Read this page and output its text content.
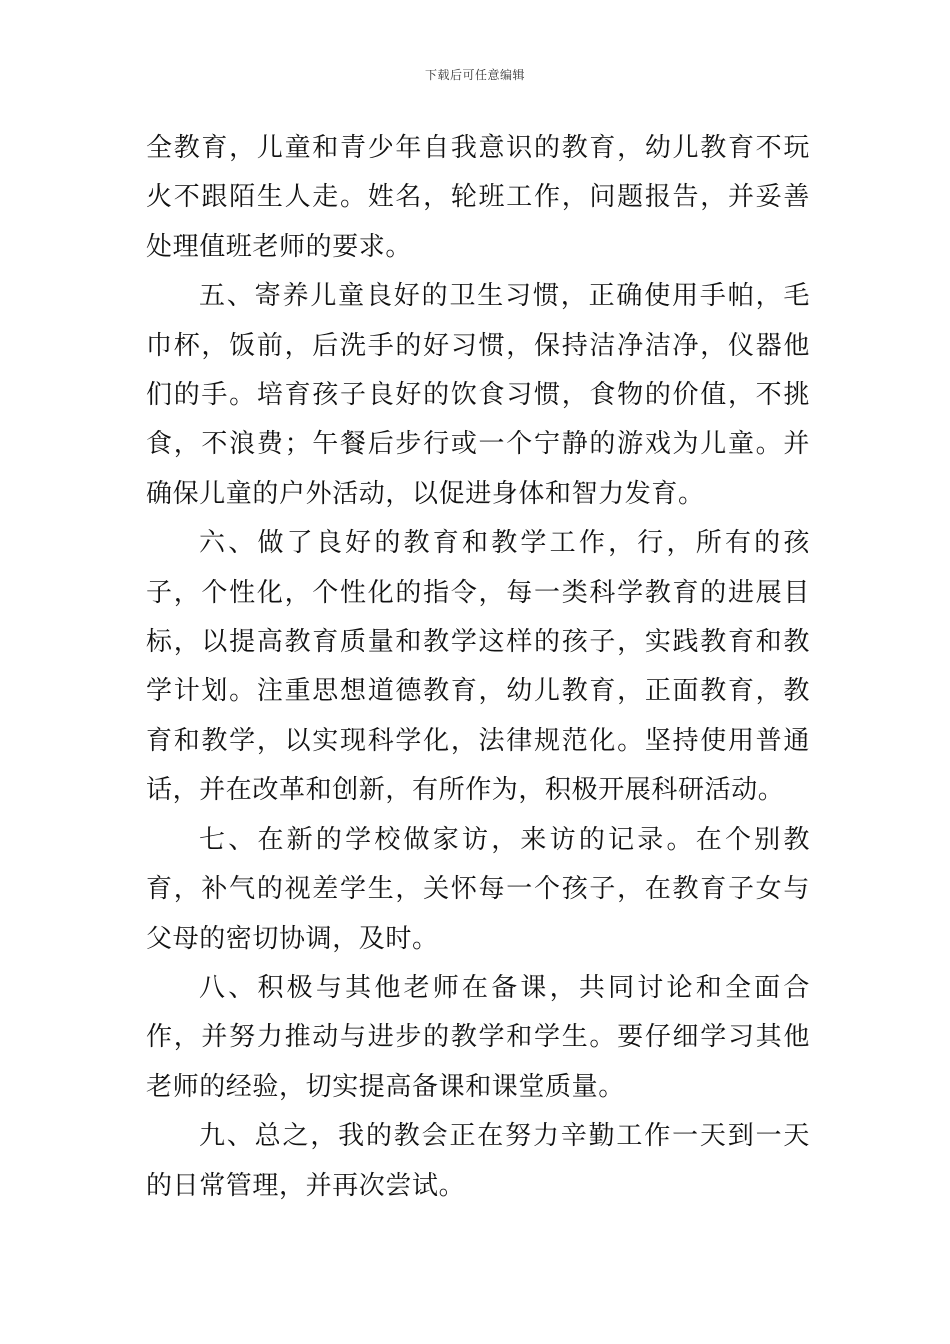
下载后可任意编辑

全教育，儿童和青少年自我意识的教育，幼儿教育不玩火不跟陌生人走。姓名，轮班工作，问题报告，并妥善处理值班老师的要求。

五、寄养儿童良好的卫生习惯，正确使用手帕，毛巾杯，饭前，后洗手的好习惯，保持洁净洁净，仪器他们的手。培育孩子良好的饮食习惯，食物的价值，不挑食，不浪费；午餐后步行或一个宁静的游戏为儿童。并确保儿童的户外活动，以促进身体和智力发育。

六、做了良好的教育和教学工作，行，所有的孩子，个性化，个性化的指令，每一类科学教育的进展目标，以提高教育质量和教学这样的孩子，实践教育和教学计划。注重思想道德教育，幼儿教育，正面教育，教育和教学，以实现科学化，法律规范化。坚持使用普通话，并在改革和创新，有所作为，积极开展科研活动。

七、在新的学校做家访，来访的记录。在个别教育，补气的视差学生，关怀每一个孩子，在教育子女与父母的密切协调，及时。

八、积极与其他老师在备课，共同讨论和全面合作，并努力推动与进步的教学和学生。要仔细学习其他老师的经验，切实提高备课和课堂质量。

九、总之，我的教会正在努力辛勤工作一天到一天的日常管理，并再次尝试。
